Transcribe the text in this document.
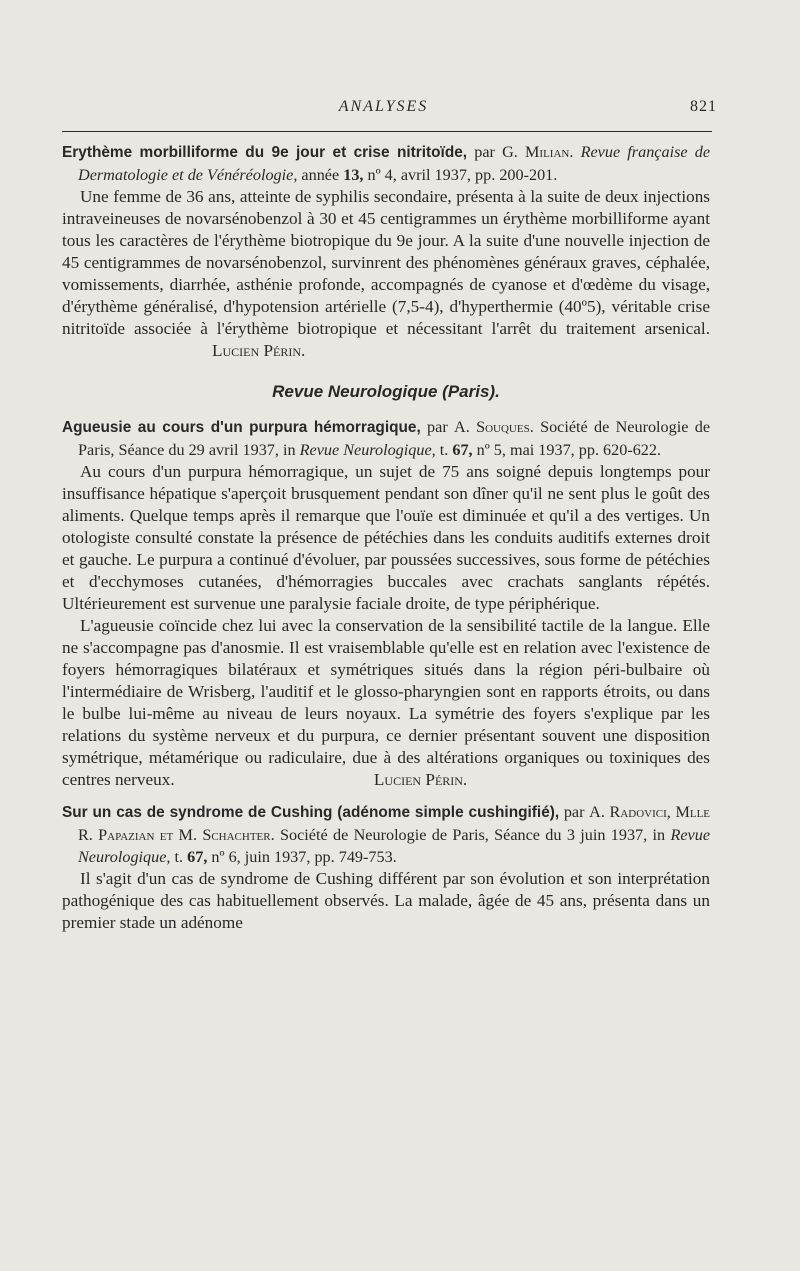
ANALYSES	821
Erythème morbilliforme du 9e jour et crise nitritoïde, par G. Milian. Revue française de Dermatologie et de Vénéréologie, année 13, nº 4, avril 1937, pp. 200-201.

Une femme de 36 ans, atteinte de syphilis secondaire, présenta à la suite de deux injections intraveineuses de novarsénobenzol à 30 et 45 centigrammes un érythème morbilliforme ayant tous les caractères de l'érythème biotropique du 9e jour. A la suite d'une nouvelle injection de 45 centigrammes de novarsénobenzol, survinrent des phénomènes généraux graves, céphalée, vomissements, diarrhée, asthénie profonde, accompagnés de cyanose et d'œdème du visage, d'érythème généralisé, d'hypotension artérielle (7,5-4), d'hyperthermie (40º5), véritable crise nitritoïde associée à l'érythème biotropique et nécessitant l'arrêt du traitement arsenical. Lucien Périn.

Revue Neurologique (Paris).
Agueusie au cours d'un purpura hémorragique, par A. Souques. Société de Neurologie de Paris, Séance du 29 avril 1937, in Revue Neurologique, t. 67, nº 5, mai 1937, pp. 620-622.

Au cours d'un purpura hémorragique, un sujet de 75 ans soigné depuis longtemps pour insuffisance hépatique s'aperçoit brusquement pendant son dîner qu'il ne sent plus le goût des aliments. Quelque temps après il remarque que l'ouïe est diminuée et qu'il a des vertiges. Un otologiste consulté constate la présence de pétéchies dans les conduits auditifs externes droit et gauche. Le purpura a continué d'évoluer, par poussées successives, sous forme de pétéchies et d'ecchymoses cutanées, d'hémorragies buccales avec crachats sanglants répétés. Ultérieurement est survenue une paralysie faciale droite, de type périphérique.

L'agueusie coïncide chez lui avec la conservation de la sensibilité tactile de la langue. Elle ne s'accompagne pas d'anosmie. Il est vraisemblable qu'elle est en relation avec l'existence de foyers hémorragiques bilatéraux et symétriques situés dans la région péri-bulbaire où l'intermédiaire de Wrisberg, l'auditif et le glosso-pharyngien sont en rapports étroits, ou dans le bulbe lui-même au niveau de leurs noyaux. La symétrie des foyers s'explique par les relations du système nerveux et du purpura, ce dernier présentant souvent une disposition symétrique, métamérique ou radiculaire, due à des altérations organiques ou toxiniques des centres nerveux.	Lucien Périn.

Sur un cas de syndrome de Cushing (adénome simple cushingifié), par A. Radovici, Mlle R. Papazian et M. Schachter. Société de Neurologie de Paris, Séance du 3 juin 1937, in Revue Neurologique, t. 67, nº 6, juin 1937, pp. 749-753.

Il s'agit d'un cas de syndrome de Cushing différent par son évolution et son interprétation pathogénique des cas habituellement observés. La malade, âgée de 45 ans, présenta dans un premier stade un adénome
